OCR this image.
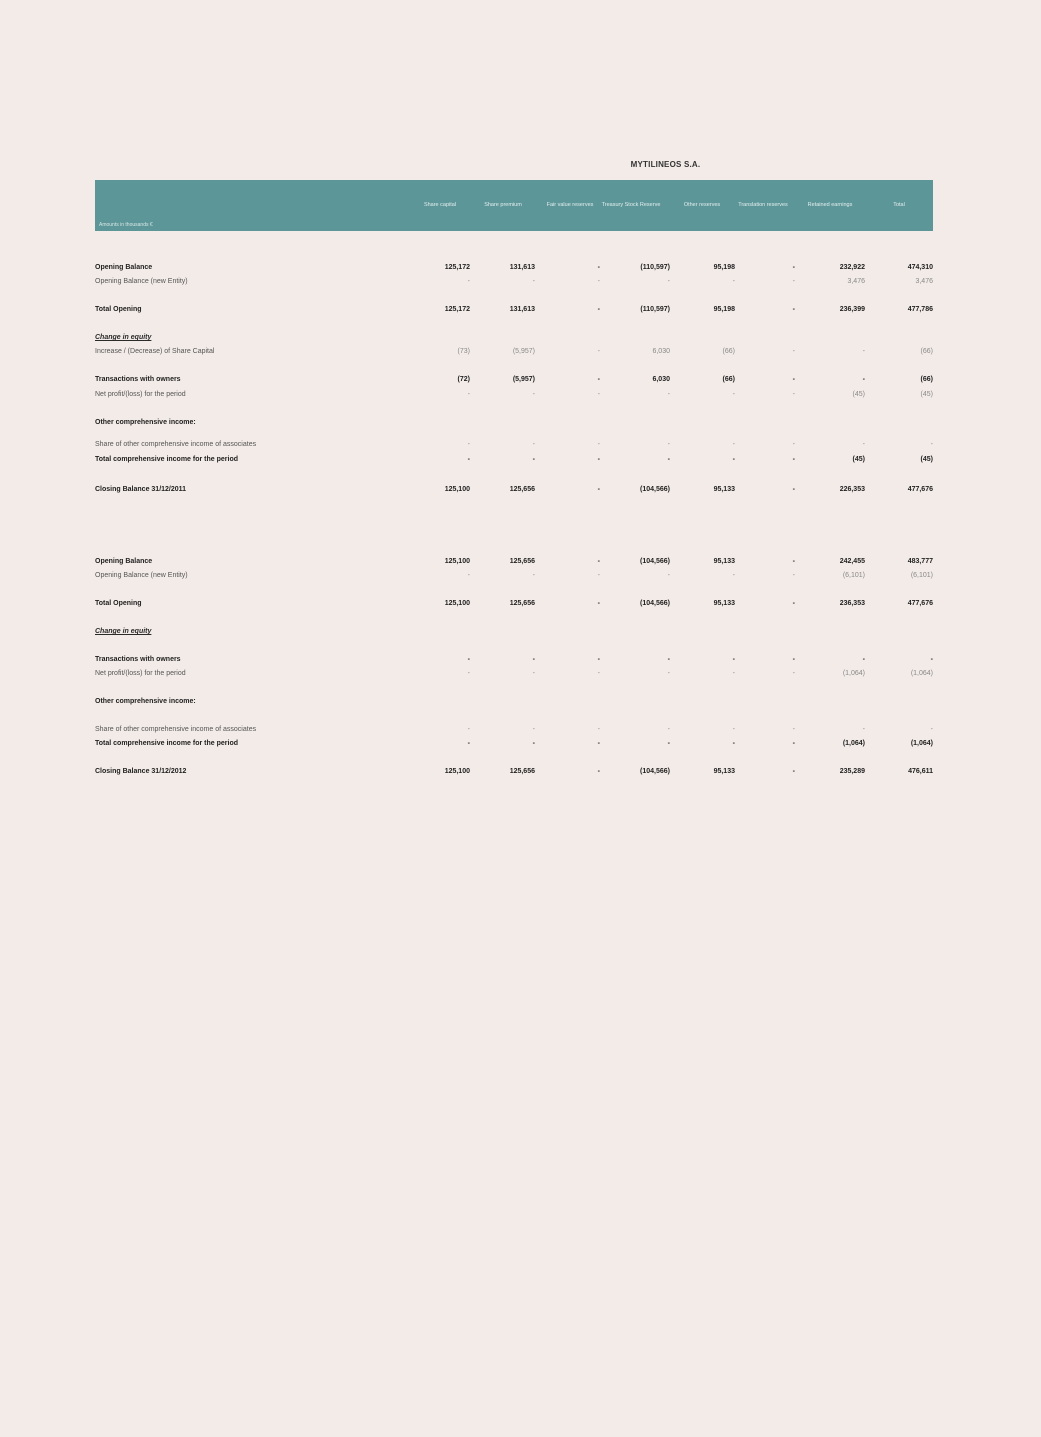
MYTILINEOS S.A.
Share capital	Share premium	Fair value reserves	Treasury Stock Reserve	Other reserves	Translation reserves	Retained earnings	Total
Amounts in thousands €
Opening Balance	125,172	131,613	-	(110,597)	95,198	-	232,922	474,310
Opening Balance (new Entity)	-	-	-	-	-	-	3,476	3,476
Total Opening	125,172	131,613	-	(110,597)	95,198	-	236,399	477,786
Change in equity
Increase / (Decrease) of Share Capital	(73)	(5,957)	-	6,030	(66)	-	-	(66)
Transactions with owners	(72)	(5,957)	-	6,030	(66)	-	-	(66)
Net profit/(loss) for the period	-	-	-	-	-	-	(45)	(45)
Other comprehensive income:
Share of other comprehensive income of associates	-	-	-	-	-	-	-	-
Total comprehensive income for the period	-	-	-	-	-	-	(45)	(45)
Closing Balance 31/12/2011	125,100	125,656	-	(104,566)	95,133	-	226,353	477,676
Opening Balance	125,100	125,656	-	(104,566)	95,133	-	242,455	483,777
Opening Balance (new Entity)	-	-	-	-	-	-	(6,101)	(6,101)
Total Opening	125,100	125,656	-	(104,566)	95,133	-	236,353	477,676
Change in equity
Transactions with owners	-	-	-	-	-	-	-	-
Net profit/(loss) for the period	-	-	-	-	-	-	(1,064)	(1,064)
Other comprehensive income:
Share of other comprehensive income of associates	-	-	-	-	-	-	-	-
Total comprehensive income for the period	-	-	-	-	-	-	(1,064)	(1,064)
Closing Balance 31/12/2012	125,100	125,656	-	(104,566)	95,133	-	235,289	476,611
